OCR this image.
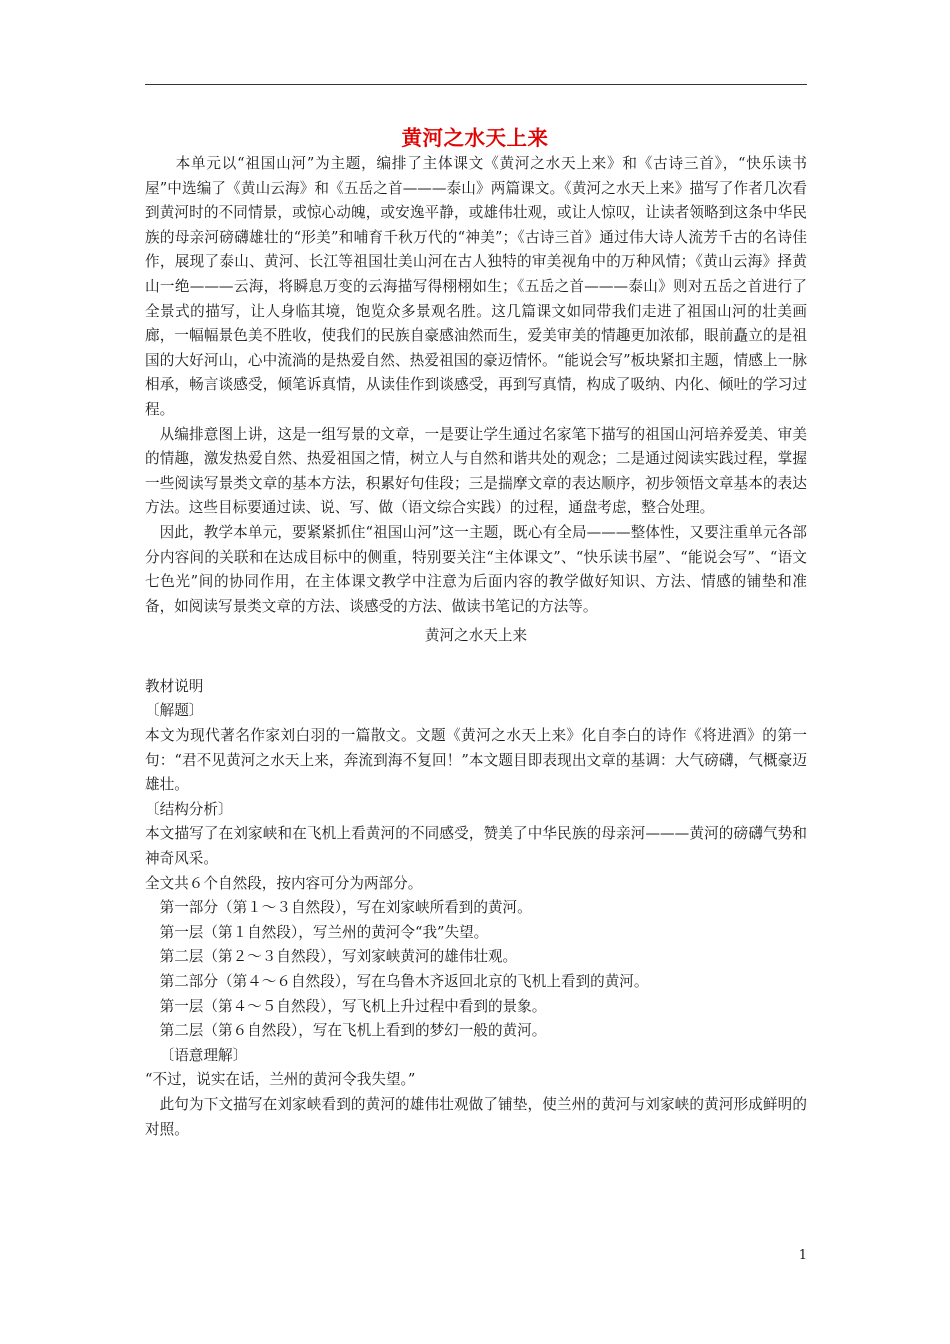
黄河之水天上来

本单元以“祖国山河”为主题，编排了主体课文《黄河之水天上来》和《古诗三首》，“快乐读书屋”中选编了《黄山云海》和《五岳之首———泰山》两篇课文。《黄河之水天上来》描写了作者几次看到黄河时的不同情景，或惊心动魄，或安逸平静，或雄伟壮观，或让人惊叹，让读者领略到这条中华民族的母亲河磅礴雄壮的“形美”和哺育千秋万代的“神美”；《古诗三首》通过伟大诗人流芳千古的名诗佳作，展现了泰山、黄河、长江等祖国壮美山河在古人独特的审美视角中的万种风情；《黄山云海》择黄山一绝———云海，将瞬息万变的云海描写得栩栩如生；《五岳之首———泰山》则对五岳之首进行了全景式的描写，让人身临其境，饱览众多景观名胜。这几篇课文如同带我们走进了祖国山河的壮美画廊，一幅幅景色美不胜收，使我们的民族自豪感油然而生，爱美审美的情趣更加浓郁，眼前矗立的是祖国的大好河山，心中流淌的是热爱自然、热爱祖国的豪迈情怀。“能说会写”板块紧扣主题，情感上一脉相承，畅言谈感受，倾笔诉真情，从读佳作到谈感受，再到写真情，构成了吸纳、内化、倾吐的学习过程。

从编排意图上讲，这是一组写景的文章，一是要让学生通过名家笔下描写的祖国山河培养爱美、审美的情趣，激发热爱自然、热爱祖国之情，树立人与自然和谐共处的观念；二是通过阅读实践过程，掌握一些阅读写景类文章的基本方法，积累好句佳段；三是揣摩文章的表达顺序，初步领悟文章基本的表达方法。这些目标要通过读、说、写、做（语文综合实践）的过程，通盘考虑，整合处理。

因此，教学本单元，要紧紧抓住“祖国山河”这一主题，既心有全局———整体性，又要注重单元各部分内容间的关联和在达成目标中的侧重，特别要关注“主体课文”、“快乐读书屋”、“能说会写”、“语文七色光”间的协同作用，在主体课文教学中注意为后面内容的教学做好知识、方法、情感的铺垫和准备，如阅读写景类文章的方法、谈感受的方法、做读书笔记的方法等。

黄河之水天上来

教材说明

〔解题〕

本文为现代著名作家刘白羽的一篇散文。文题《黄河之水天上来》化自李白的诗作《将进酒》的第一句：“君不见黄河之水天上来，奔流到海不复回！”本文题目即表现出文章的基调：大气磅礴，气概豪迈雄壮。

〔结构分析〕

本文描写了在刘家峡和在飞机上看黄河的不同感受，赞美了中华民族的母亲河———黄河的磅礴气势和神奇风采。

全文共６个自然段，按内容可分为两部分。

第一部分（第１～３自然段），写在刘家峡所看到的黄河。

第一层（第１自然段），写兰州的黄河令“我”失望。

第二层（第２～３自然段），写刘家峡黄河的雄伟壮观。

第二部分（第４～６自然段），写在乌鲁木齐返回北京的飞机上看到的黄河。

第一层（第４～５自然段），写飞机上升过程中看到的景象。

第二层（第６自然段），写在飞机上看到的梦幻一般的黄河。

〔语意理解〕

“不过，说实在话，兰州的黄河令我失望。”

此句为下文描写在刘家峡看到的黄河的雄伟壮观做了铺垫，使兰州的黄河与刘家峡的黄河形成鲜明的对照。

1
